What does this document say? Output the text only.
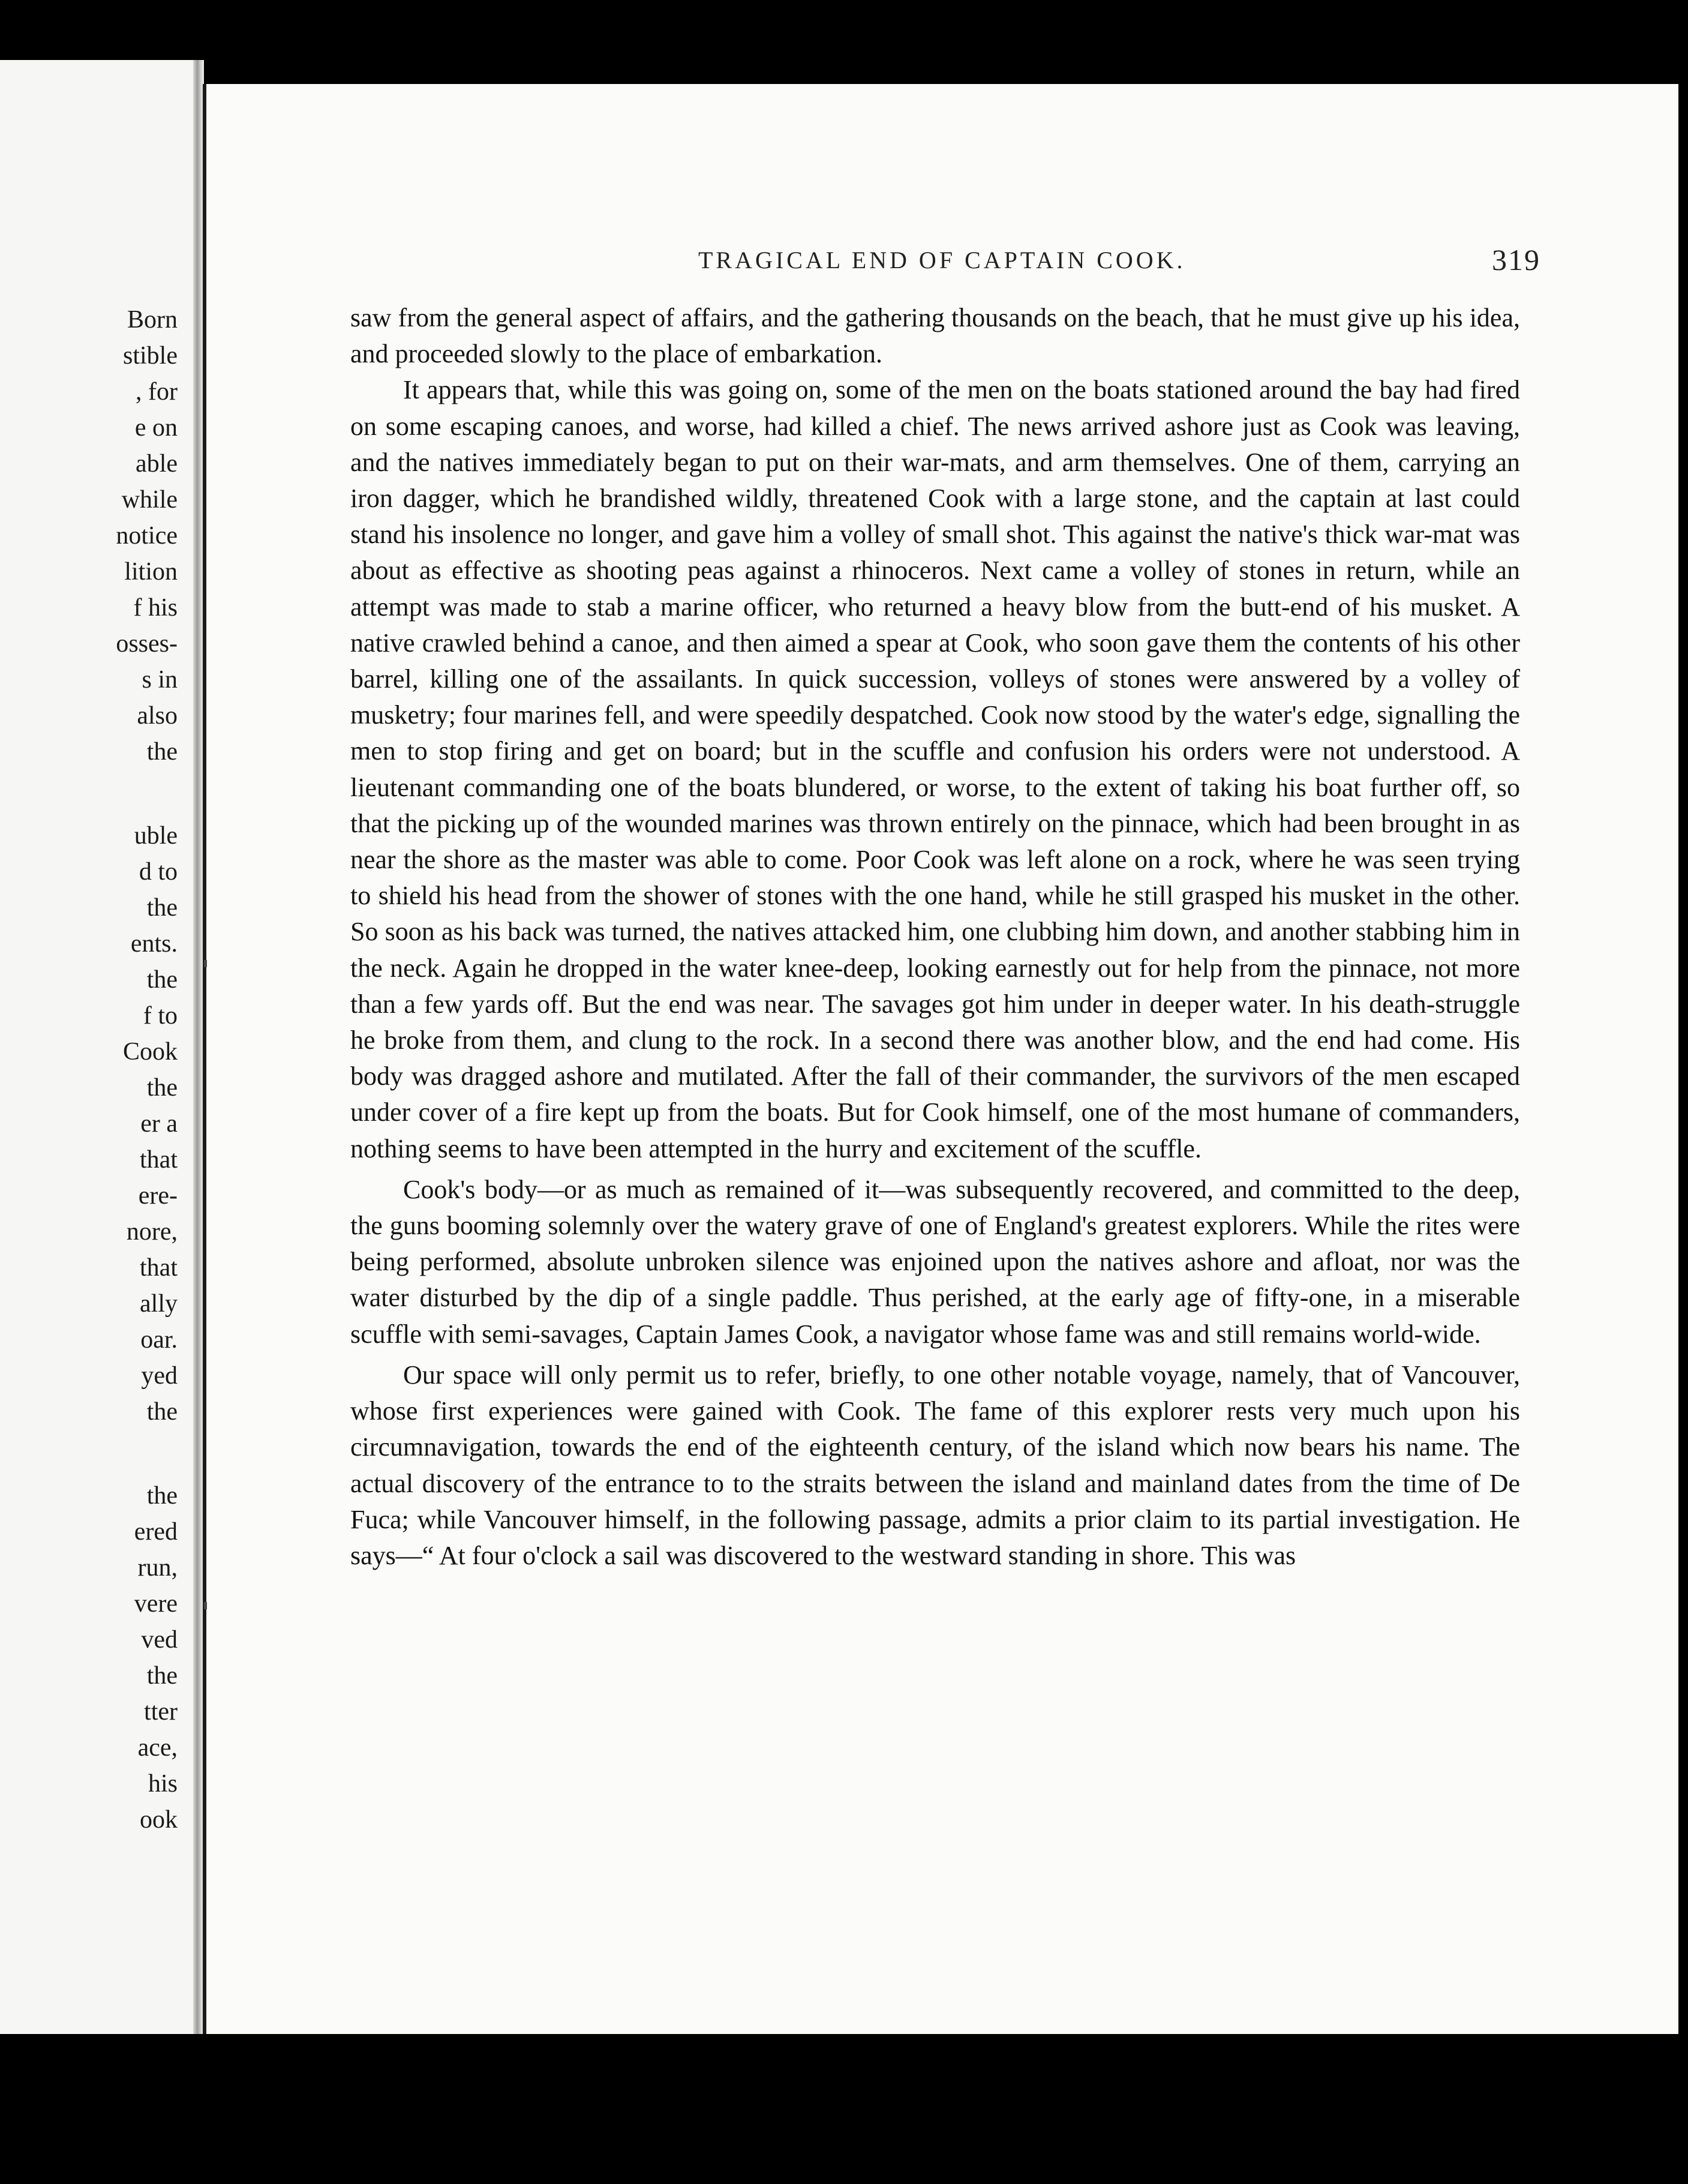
Born
stible
, for
e on
able
while
notice
lition
f his
osses-
s in
also
the
uble
d to
the
ents.
the
f to
Cook
the
er a
that
ere-
nore,
that
ally
oar.
yed
the
the
ered
run,
vere
ved
the
tter
ace,
his
ook
TRAGICAL END OF CAPTAIN COOK.	319

saw from the general aspect of affairs, and the gathering thousands on the beach, that he must give up his idea, and proceeded slowly to the place of embarkation.

It appears that, while this was going on, some of the men on the boats stationed around the bay had fired on some escaping canoes, and worse, had killed a chief. The news arrived ashore just as Cook was leaving, and the natives immediately began to put on their war-mats, and arm themselves. One of them, carrying an iron dagger, which he brandished wildly, threatened Cook with a large stone, and the captain at last could stand his insolence no longer, and gave him a volley of small shot. This against the native's thick war-mat was about as effective as shooting peas against a rhinoceros. Next came a volley of stones in return, while an attempt was made to stab a marine officer, who returned a heavy blow from the butt-end of his musket. A native crawled behind a canoe, and then aimed a spear at Cook, who soon gave them the contents of his other barrel, killing one of the assailants. In quick succession, volleys of stones were answered by a volley of musketry; four marines fell, and were speedily despatched. Cook now stood by the water's edge, signalling the men to stop firing and get on board; but in the scuffle and confusion his orders were not understood. A lieutenant commanding one of the boats blundered, or worse, to the extent of taking his boat further off, so that the picking up of the wounded marines was thrown entirely on the pinnace, which had been brought in as near the shore as the master was able to come. Poor Cook was left alone on a rock, where he was seen trying to shield his head from the shower of stones with the one hand, while he still grasped his musket in the other. So soon as his back was turned, the natives attacked him, one clubbing him down, and another stabbing him in the neck. Again he dropped in the water knee-deep, looking earnestly out for help from the pinnace, not more than a few yards off. But the end was near. The savages got him under in deeper water. In his death-struggle he broke from them, and clung to the rock. In a second there was another blow, and the end had come. His body was dragged ashore and mutilated. After the fall of their commander, the survivors of the men escaped under cover of a fire kept up from the boats. But for Cook himself, one of the most humane of commanders, nothing seems to have been attempted in the hurry and excitement of the scuffle.

Cook's body—or as much as remained of it—was subsequently recovered, and committed to the deep, the guns booming solemnly over the watery grave of one of England's greatest explorers. While the rites were being performed, absolute unbroken silence was enjoined upon the natives ashore and afloat, nor was the water disturbed by the dip of a single paddle. Thus perished, at the early age of fifty-one, in a miserable scuffle with semi-savages, Captain James Cook, a navigator whose fame was and still remains world-wide.

Our space will only permit us to refer, briefly, to one other notable voyage, namely, that of Vancouver, whose first experiences were gained with Cook. The fame of this explorer rests very much upon his circumnavigation, towards the end of the eighteenth century, of the island which now bears his name. The actual discovery of the entrance to to the straits between the island and mainland dates from the time of De Fuca; while Vancouver himself, in the following passage, admits a prior claim to its partial investigation. He says—“ At four o'clock a sail was discovered to the westward standing in shore. This was
